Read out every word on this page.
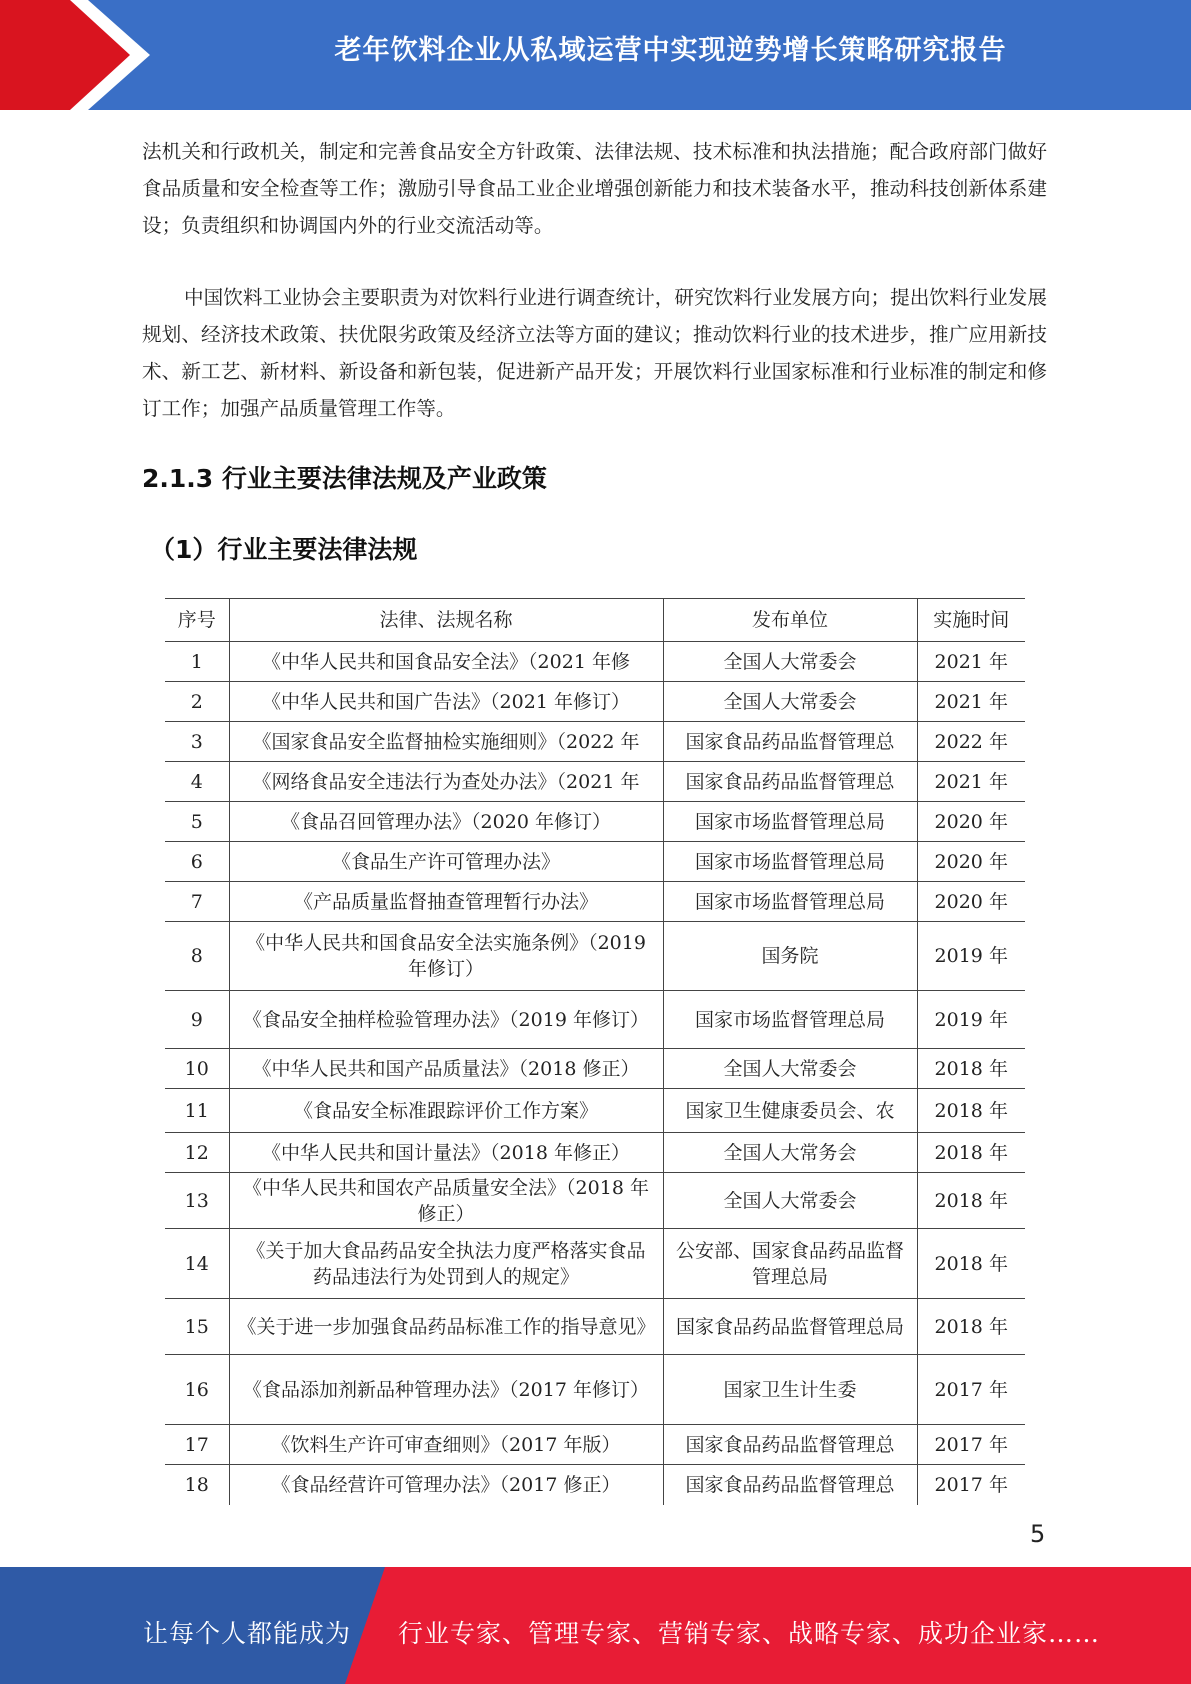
老年饮料企业从私域运营中实现逆势增长策略研究报告
法机关和行政机关，制定和完善食品安全方针政策、法律法规、技术标准和执法措施；配合政府部门做好食品质量和安全检查等工作；激励引导食品工业企业增强创新能力和技术装备水平，推动科技创新体系建设；负责组织和协调国内外的行业交流活动等。
中国饮料工业协会主要职责为对饮料行业进行调查统计，研究饮料行业发展方向；提出饮料行业发展规划、经济技术政策、扶优限劣政策及经济立法等方面的建议；推动饮料行业的技术进步，推广应用新技术、新工艺、新材料、新设备和新包装，促进新产品开发；开展饮料行业国家标准和行业标准的制定和修订工作；加强产品质量管理工作等。
2.1.3 行业主要法律法规及产业政策
（1）行业主要法律法规
序号	法律、法规名称	发布单位	实施时间
1	《中华人民共和国食品安全法》（2021 年修	全国人大常委会	2021 年
2	《中华人民共和国广告法》（2021 年修订）	全国人大常委会	2021 年
3	《国家食品安全监督抽检实施细则》（2022 年	国家食品药品监督管理总	2022 年
4	《网络食品安全违法行为查处办法》（2021 年	国家食品药品监督管理总	2021 年
5	《食品召回管理办法》（2020 年修订）	国家市场监督管理总局	2020 年
6	《食品生产许可管理办法》	国家市场监督管理总局	2020 年
7	《产品质量监督抽查管理暂行办法》	国家市场监督管理总局	2020 年
8	《中华人民共和国食品安全法实施条例》（2019 年修订）	国务院	2019 年
9	《食品安全抽样检验管理办法》（2019 年修订）	国家市场监督管理总局	2019 年
10	《中华人民共和国产品质量法》（2018 修正）	全国人大常委会	2018 年
11	《食品安全标准跟踪评价工作方案》	国家卫生健康委员会、农	2018 年
12	《中华人民共和国计量法》（2018 年修正）	全国人大常务会	2018 年
13	《中华人民共和国农产品质量安全法》（2018 年修正）	全国人大常委会	2018 年
14	《关于加大食品药品安全执法力度严格落实食品药品违法行为处罚到人的规定》	公安部、国家食品药品监督管理总局	2018 年
15	《关于进一步加强食品药品标准工作的指导意见》	国家食品药品监督管理总局	2018 年
16	《食品添加剂新品种管理办法》（2017 年修订）	国家卫生计生委	2017 年
17	《饮料生产许可审查细则》（2017 年版）	国家食品药品监督管理总	2017 年
18	《食品经营许可管理办法》（2017 修正）	国家食品药品监督管理总	2017 年
5
让每个人都能成为 行业专家、管理专家、营销专家、战略专家、成功企业家……
